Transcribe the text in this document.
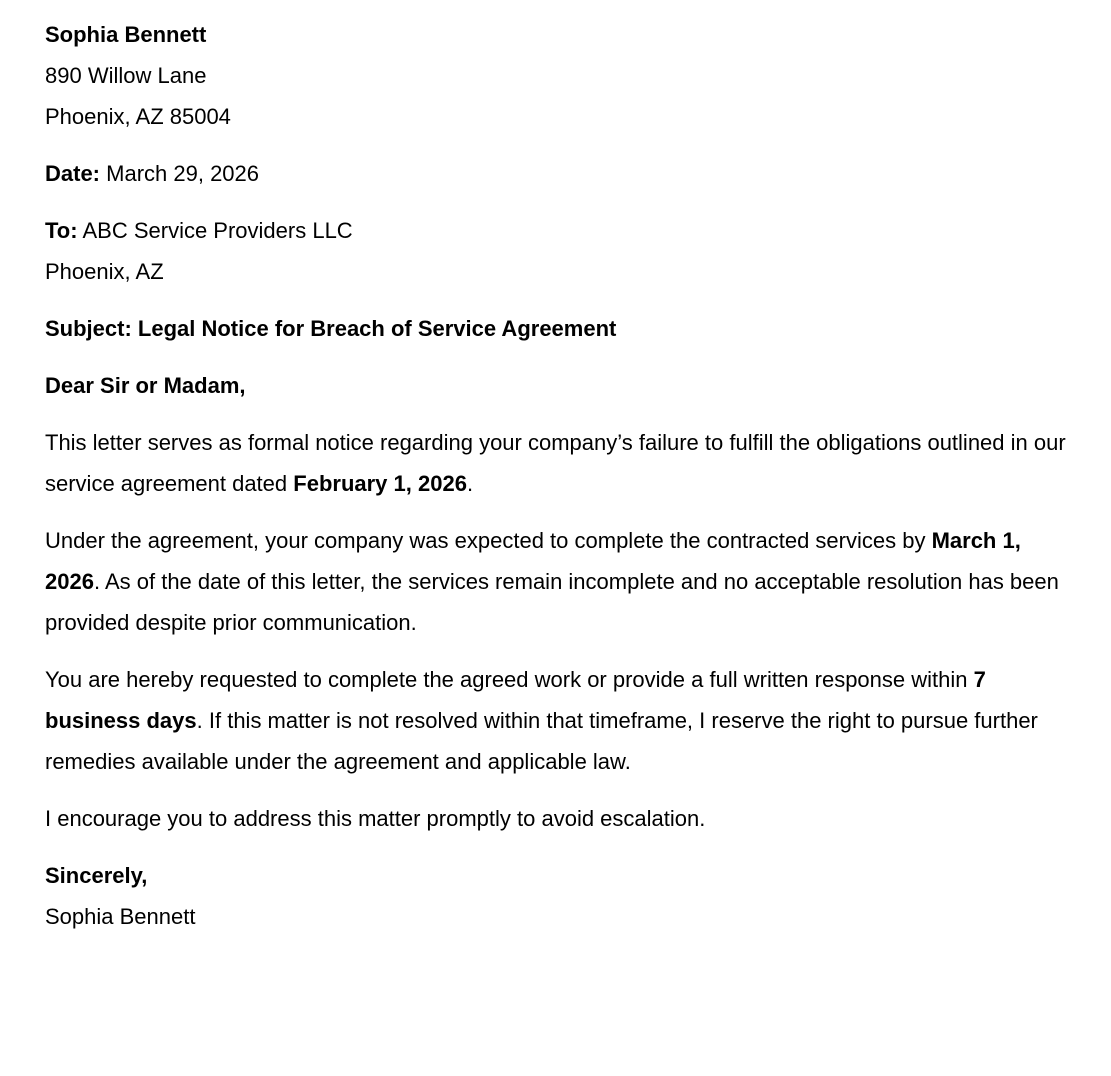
Sophia Bennett

890 Willow Lane

Phoenix, AZ 85004

Date: March 29, 2026

To: ABC Service Providers LLC

Phoenix, AZ

Subject: Legal Notice for Breach of Service Agreement

Dear Sir or Madam,

This letter serves as formal notice regarding your company’s failure to fulfill the obligations outlined in our service agreement dated February 1, 2026.

Under the agreement, your company was expected to complete the contracted services by March 1, 2026. As of the date of this letter, the services remain incomplete and no acceptable resolution has been provided despite prior communication.

You are hereby requested to complete the agreed work or provide a full written response within 7 business days. If this matter is not resolved within that timeframe, I reserve the right to pursue further remedies available under the agreement and applicable law.

I encourage you to address this matter promptly to avoid escalation.

Sincerely,

Sophia Bennett
